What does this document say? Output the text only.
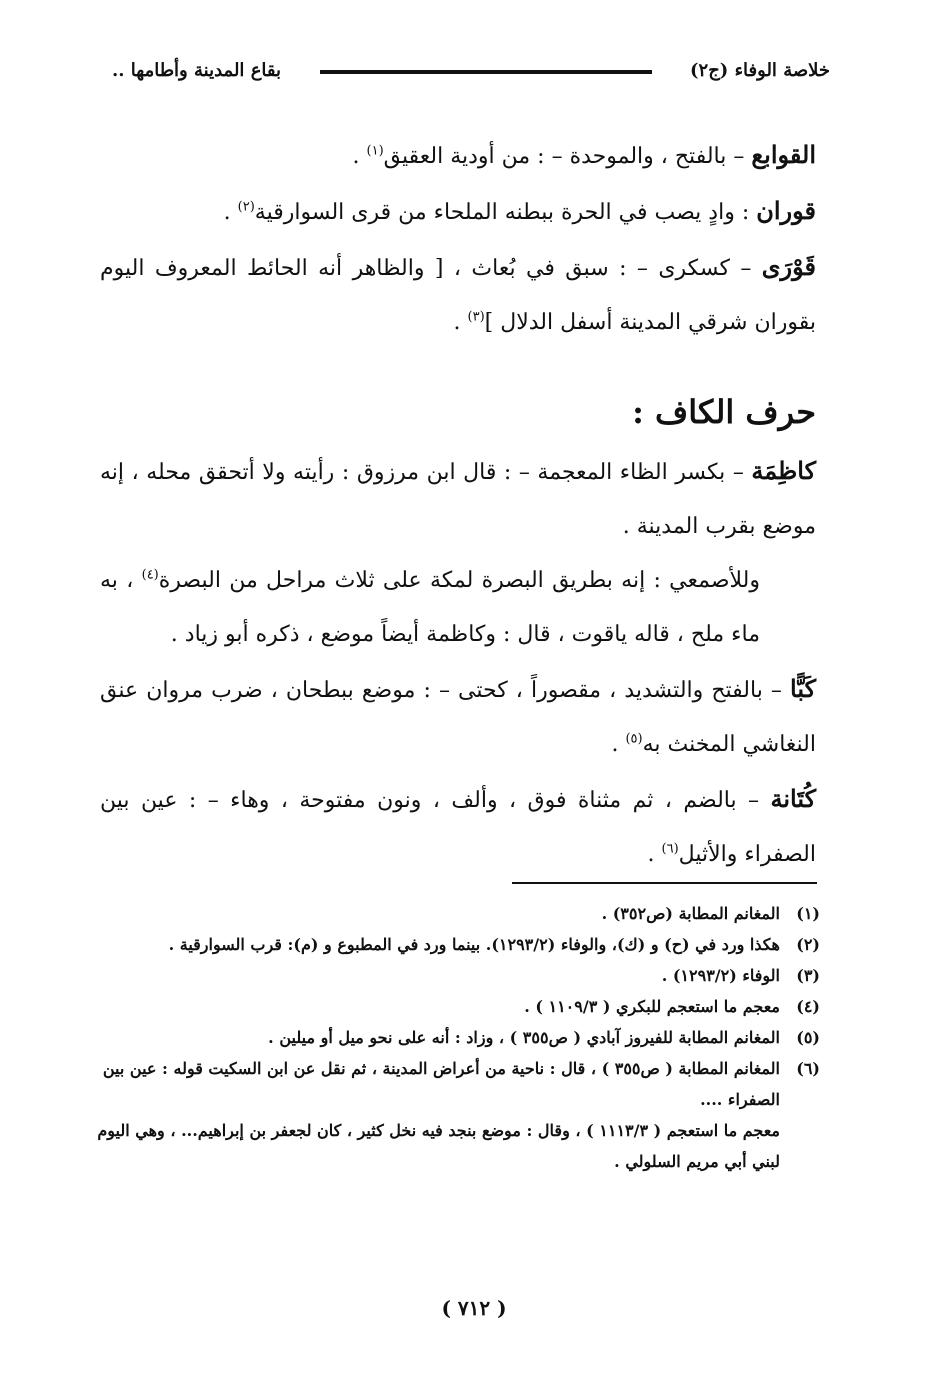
خلاصة الوفاء (ج٢)
بقاع المدينة وأطامها ..

القوابع – بالفتح ، والموحدة – : من أودية العقيق$^{(١)}$ .

قوران : وادٍ يصب في الحرة ببطنه الملحاء من قرى السوارقية$^{(٢)}$ .

قَوْرَى – كسكرى – : سبق في بُعاث ، [ والظاهر أنه الحائط المعروف اليوم بقوران شرقي المدينة أسفل الدلال ]$^{(٣)}$ .

حرف الكاف :

كاظِمَة – بكسر الظاء المعجمة – : قال ابن مرزوق : رأيته ولا أتحقق محله ، إنه موضع بقرب المدينة .

وللأصمعي : إنه بطريق البصرة لمكة على ثلاث مراحل من البصرة$^{(٤)}$ ، به ماء ملح ، قاله ياقوت ، قال : وكاظمة أيضاً موضع ، ذكره أبو زياد .

كَبًّا – بالفتح والتشديد ، مقصوراً ، كحتى – : موضع ببطحان ، ضرب مروان عنق النغاشي المخنث به$^{(٥)}$ .

كُتَانة – بالضم ، ثم مثناة فوق ، وألف ، ونون مفتوحة ، وهاء – : عين بين الصفراء والأثيل$^{(٦)}$ .

(١)
المغانم المطابة (ص٣٥٢) .

(٢)
هكذا ورد في (ح) و (ك)، والوفاء (١٢٩٣/٢). بينما ورد في المطبوع و (م): قرب السوارقية .

(٣)
الوفاء (١٢٩٣/٢) .

(٤)
معجم ما استعجم للبكري ( ١١٠٩/٣ ) .

(٥)
المغانم المطابة للفيروز آبادي ( ص٣٥٥ ) ، وزاد : أنه على نحو ميل أو ميلين .

(٦)
المغانم المطابة ( ص٣٥٥ ) ، قال : ناحية من أعراض المدينة ، ثم نقل عن ابن السكيت قوله : عين بين الصفراء ....

معجم ما استعجم ( ١١١٣/٣ ) ، وقال : موضع بنجد فيه نخل كثير ، كان لجعفر بن إبراهيم... ، وهي اليوم لبني أبي مريم السلولي .

( ٧١٢ )
